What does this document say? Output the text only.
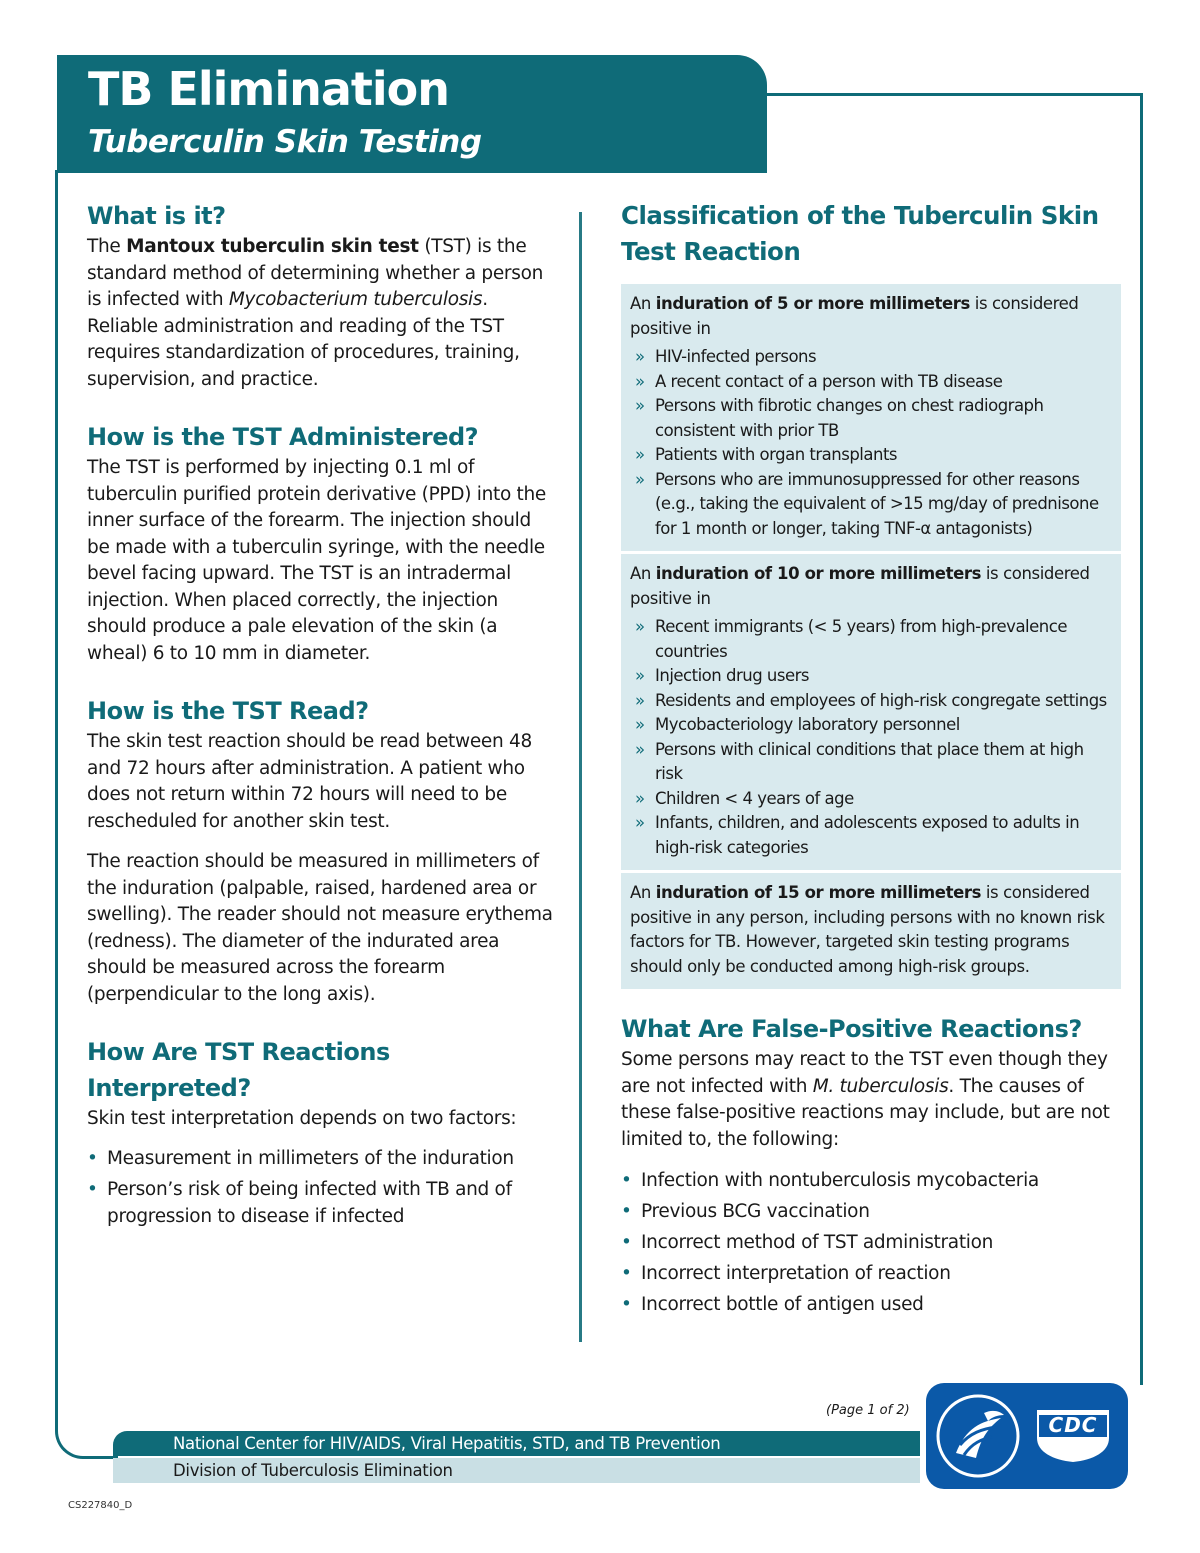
TB Elimination
Tuberculin Skin Testing
What is it?

The Mantoux tuberculin skin test (TST) is the standard method of determining whether a person is infected with Mycobacterium tuberculosis. Reliable administration and reading of the TST requires standardization of procedures, training, supervision, and practice.

How is the TST Administered?

The TST is performed by injecting 0.1 ml of tuberculin purified protein derivative (PPD) into the inner surface of the forearm. The injection should be made with a tuberculin syringe, with the needle bevel facing upward. The TST is an intradermal injection. When placed correctly, the injection should produce a pale elevation of the skin (a wheal) 6 to 10 mm in diameter.

How is the TST Read?

The skin test reaction should be read between 48 and 72 hours after administration. A patient who does not return within 72 hours will need to be rescheduled for another skin test.

The reaction should be measured in millimeters of the induration (palpable, raised, hardened area or swelling). The reader should not measure erythema (redness). The diameter of the indurated area should be measured across the forearm (perpendicular to the long axis).

How Are TST Reactions Interpreted?

Skin test interpretation depends on two factors:

• Measurement in millimeters of the induration
• Person’s risk of being infected with TB and of progression to disease if infected
Classification of the Tuberculin Skin Test Reaction

An induration of 5 or more millimeters is considered positive in

» HIV-infected persons
» A recent contact of a person with TB disease
» Persons with fibrotic changes on chest radiograph consistent with prior TB
» Patients with organ transplants
» Persons who are immunosuppressed for other reasons (e.g., taking the equivalent of >15 mg/day of prednisone for 1 month or longer, taking TNF-α antagonists)

An induration of 10 or more millimeters is considered positive in

» Recent immigrants (< 5 years) from high-prevalence countries
» Injection drug users
» Residents and employees of high-risk congregate settings
» Mycobacteriology laboratory personnel
» Persons with clinical conditions that place them at high risk
» Children < 4 years of age
» Infants, children, and adolescents exposed to adults in high-risk categories

An induration of 15 or more millimeters is considered positive in any person, including persons with no known risk factors for TB. However, targeted skin testing programs should only be conducted among high-risk groups.

What Are False-Positive Reactions?

Some persons may react to the TST even though they are not infected with M. tuberculosis. The causes of these false-positive reactions may include, but are not limited to, the following:

• Infection with nontuberculosis mycobacteria
• Previous BCG vaccination
• Incorrect method of TST administration
• Incorrect interpretation of reaction
• Incorrect bottle of antigen used

(Page 1 of 2)

National Center for HIV/AIDS, Viral Hepatitis, STD, and TB Prevention

Division of Tuberculosis Elimination

CS227840_D

CDC
